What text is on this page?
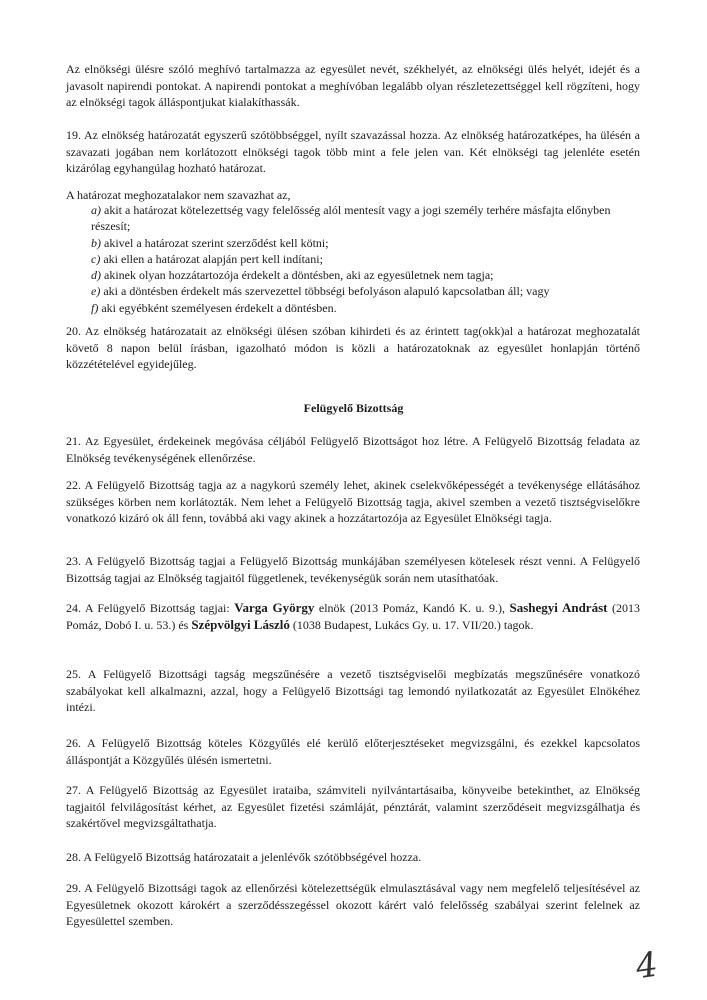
Az elnökségi ülésre szóló meghívó tartalmazza az egyesület nevét, székhelyét, az elnökségi ülés helyét, idejét és a javasolt napirendi pontokat. A napirendi pontokat a meghívóban legalább olyan részletezettséggel kell rögzíteni, hogy az elnökségi tagok álláspontjukat kialakíthassák.

19. Az elnökség határozatát egyszerű szótöbbséggel, nyílt szavazással hozza. Az elnökség határozatképes, ha ülésén a szavazati jogában nem korlátozott elnökségi tagok több mint a fele jelen van. Két elnökségi tag jelenléte esetén kizárólag egyhangúlag hozható határozat.

A határozat meghozatalakor nem szavazhat az,

a) akit a határozat kötelezettség vagy felelősség alól mentesít vagy a jogi személy terhére másfajta előnyben részesít;
b) akivel a határozat szerint szerződést kell kötni;
c) aki ellen a határozat alapján pert kell indítani;
d) akinek olyan hozzátartozója érdekelt a döntésben, aki az egyesületnek nem tagja;
e) aki a döntésben érdekelt más szervezettel többségi befolyáson alapuló kapcsolatban áll; vagy
f) aki egyébként személyesen érdekelt a döntésben.

20. Az elnökség határozatait az elnökségi ülésen szóban kihirdeti és az érintett tag(okk)al a határozat meghozatalát követő 8 napon belül írásban, igazolható módon is közli a határozatoknak az egyesület honlapján történő közzétételével egyidejűleg.

Felügyelő Bizottság

21. Az Egyesület, érdekeinek megóvása céljából Felügyelő Bizottságot hoz létre. A Felügyelő Bizottság feladata az Elnökség tevékenységének ellenőrzése.

22. A Felügyelő Bizottság tagja az a nagykorú személy lehet, akinek cselekvőképességét a tevékenysége ellátásához szükséges körben nem korlátozták. Nem lehet a Felügyelő Bizottság tagja, akivel szemben a vezető tisztségviselőkre vonatkozó kizáró ok áll fenn, továbbá aki vagy akinek a hozzátartozója az Egyesület Elnökségi tagja.

23. A Felügyelő Bizottság tagjai a Felügyelő Bizottság munkájában személyesen kötelesek részt venni. A Felügyelő Bizottság tagjai az Elnökség tagjaitól függetlenek, tevékenységük során nem utasíthatóak.

24. A Felügyelő Bizottság tagjai: Varga György elnök (2013 Pomáz, Kandó K. u. 9.), Sashegyi Andrást (2013 Pomáz, Dobó I. u. 53.) és Szépvölgyi László (1038 Budapest, Lukács Gy. u. 17. VII/20.) tagok.

25. A Felügyelő Bizottsági tagság megszűnésére a vezető tisztségviselői megbízatás megszűnésére vonatkozó szabályokat kell alkalmazni, azzal, hogy a Felügyelő Bizottsági tag lemondó nyilatkozatát az Egyesület Elnökéhez intézi.

26. A Felügyelő Bizottság köteles Közgyűlés elé kerülő előterjesztéseket megvizsgálni, és ezekkel kapcsolatos álláspontját a Közgyűlés ülésén ismertetni.

27. A Felügyelő Bizottság az Egyesület irataiba, számviteli nyilvántartásaiba, könyveibe betekinthet, az Elnökség tagjaitól felvilágosítást kérhet, az Egyesület fizetési számláját, pénztárát, valamint szerződéseit megvizsgálhatja és szakértővel megvizsgáltathatja.

28. A Felügyelő Bizottság határozatait a jelenlévők szótöbbségével hozza.

29. A Felügyelő Bizottsági tagok az ellenőrzési kötelezettségük elmulasztásával vagy nem megfelelő teljesítésével az Egyesületnek okozott károkért a szerződésszegéssel okozott kárért való felelősség szabályai szerint felelnek az Egyesülettel szemben.

4
